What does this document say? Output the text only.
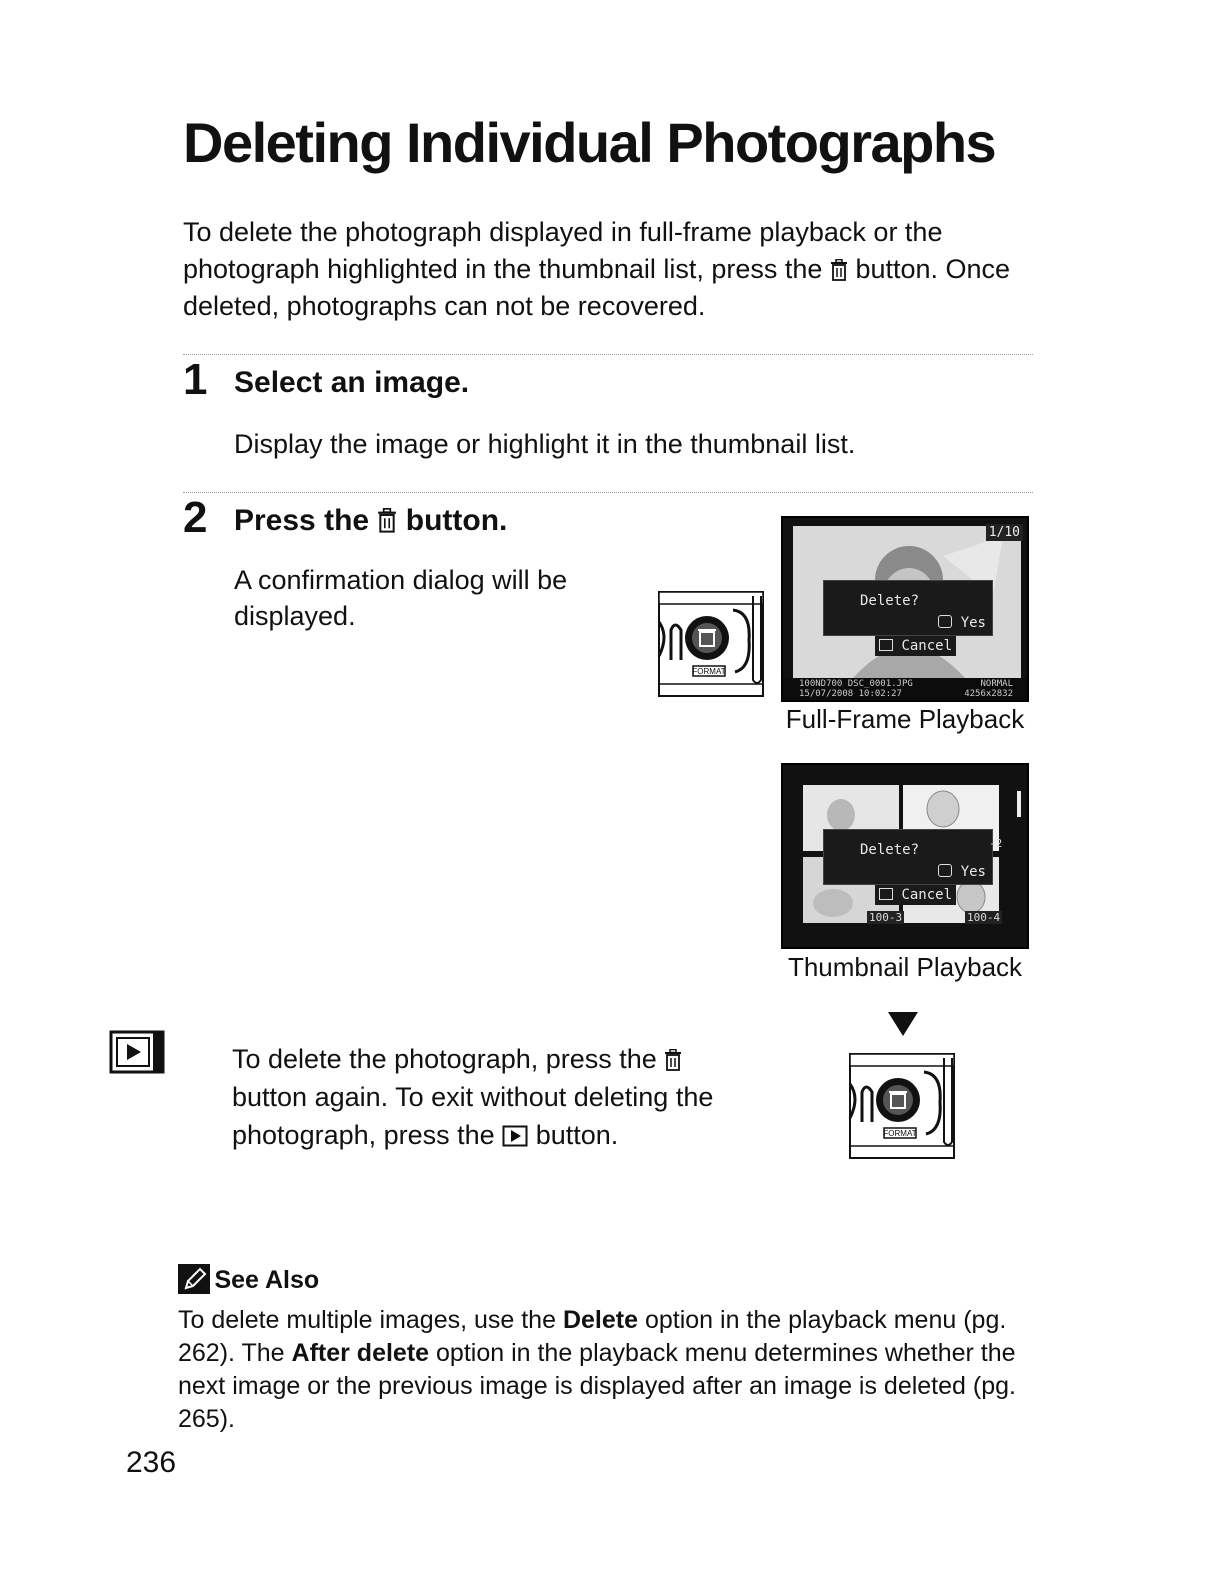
Deleting Individual Photographs

To delete the photograph displayed in full-frame playback or the photograph highlighted in the thumbnail list, press the button. Once deleted, photographs can not be recovered.

1 Select an image.
Display the image or highlight it in the thumbnail list.
2 Press the button.
A confirmation dialog will be displayed.
FORMAT
1/10
Delete?
Yes
Cancel
100ND700 DSC_0001.JPG	NORMAL
15/07/2008 10:02:27	4256x2832
Full-Frame Playback
Delete?
Yes
-2
Cancel
100-3	100-4
Thumbnail Playback
To delete the photograph, press the  button again. To exit without deleting the photograph, press the button.	FORMAT
See Also
To delete multiple images, use the Delete option in the playback menu (pg. 262). The After delete option in the playback menu determines whether the next image or the previous image is displayed after an image is deleted (pg. 265).
236
